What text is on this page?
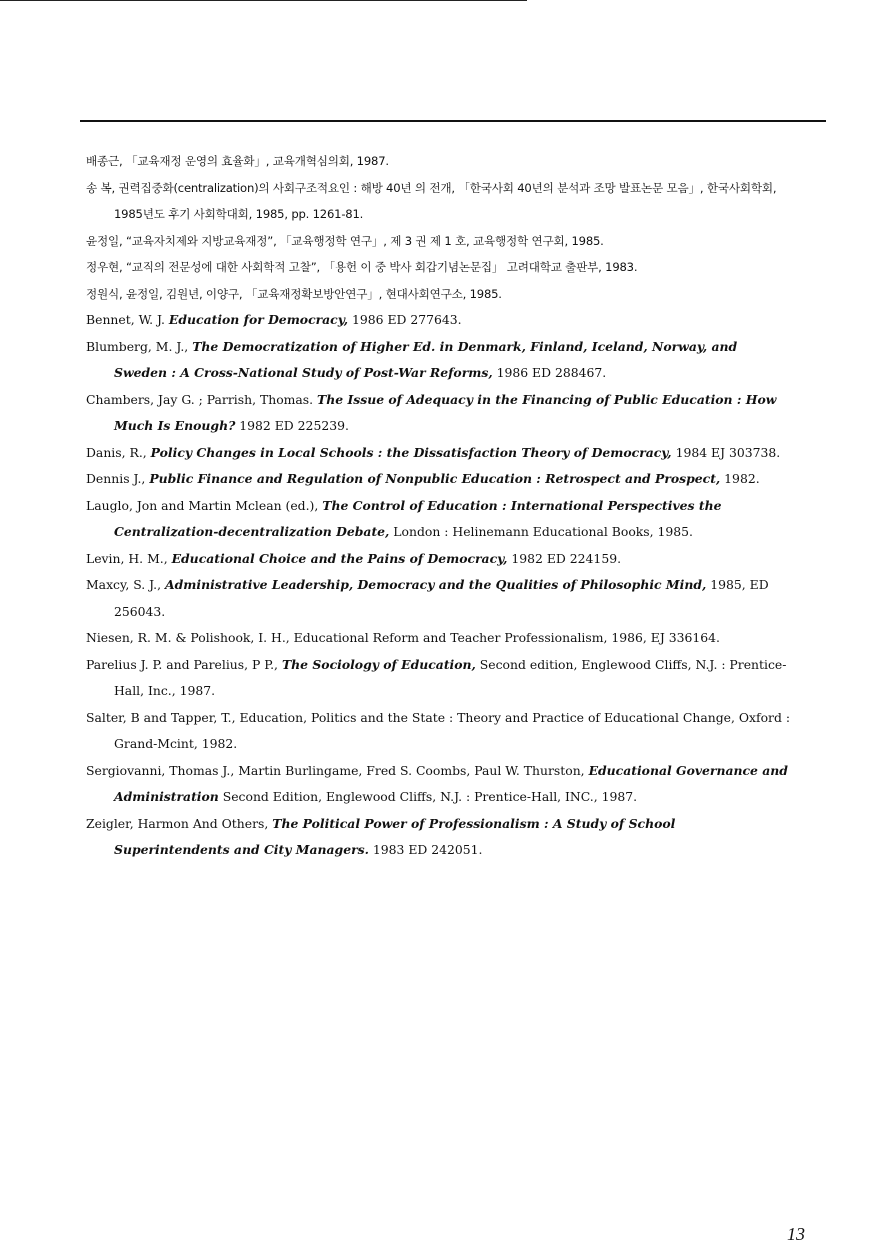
배종근, 「교육재정 운영의 효율화」, 교육개혁심의회, 1987.
송 복, 권력집중화(centralization)의 사회구조적요인 : 해방 40년 의 전개, 「한국사회 40년의 분석과 조망 발표논문 모음」, 한국사회학회, 1985년도 후기 사회학대회, 1985, pp. 1261-81.
윤정일, “교육자치제와 지방교육재정”, 「교육행정학 연구」, 제 3 권 제 1 호, 교육행정학 연구회, 1985.
정우현, “교직의 전문성에 대한 사회학적 고찰”, 「용헌 이 중 박사 회갑기념논문집」 고려대학교 출판부, 1983.
정원식, 윤정일, 김원년, 이양구, 「교육재정확보방안연구」, 현대사회연구소, 1985.
Bennet, W. J. Education for Democracy, 1986 ED 277643.
Blumberg, M. J., The Democratization of Higher Ed. in Denmark, Finland, Iceland, Norway, and Sweden : A Cross-National Study of Post-War Reforms, 1986 ED 288467.
Chambers, Jay G. ; Parrish, Thomas. The Issue of Adequacy in the Financing of Public Education : How Much Is Enough? 1982 ED 225239.
Danis, R., Policy Changes in Local Schools : the Dissatisfaction Theory of Democracy, 1984 EJ 303738.
Dennis J., Public Finance and Regulation of Nonpublic Education : Retrospect and Prospect, 1982.
Lauglo, Jon and Martin Mclean (ed.), The Control of Education : International Perspectives the Centralization-decentralization Debate, London : Helinemann Educational Books, 1985.
Levin, H. M., Educational Choice and the Pains of Democracy, 1982 ED 224159.
Maxcy, S. J., Administrative Leadership, Democracy and the Qualities of Philosophic Mind, 1985, ED 256043.
Niesen, R. M. & Polishook, I. H., Educational Reform and Teacher Professionalism, 1986, EJ 336164.
Parelius J. P. and Parelius, P P., The Sociology of Education, Second edition, Englewood Cliffs, N.J. : Prentice-Hall, Inc., 1987.
Salter, B and Tapper, T., Education, Politics and the State : Theory and Practice of Educational Change, Oxford : Grand-Mcint, 1982.
Sergiovanni, Thomas J., Martin Burlingame, Fred S. Coombs, Paul W. Thurston, Educational Governance and Administration Second Edition, Englewood Cliffs, N.J. : Prentice-Hall, INC., 1987.
Zeigler, Harmon And Others, The Political Power of Professionalism : A Study of School Superintendents and City Managers. 1983 ED 242051.
13
